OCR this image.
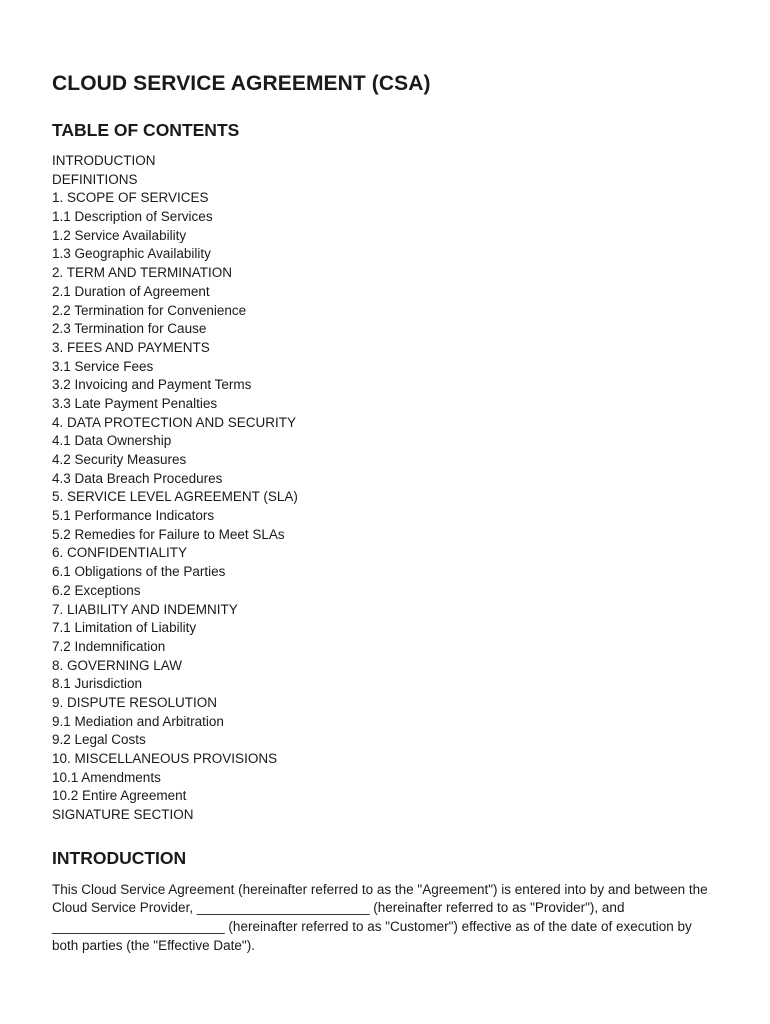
CLOUD SERVICE AGREEMENT (CSA)
TABLE OF CONTENTS
INTRODUCTION
DEFINITIONS
1. SCOPE OF SERVICES
1.1 Description of Services
1.2 Service Availability
1.3 Geographic Availability
2. TERM AND TERMINATION
2.1 Duration of Agreement
2.2 Termination for Convenience
2.3 Termination for Cause
3. FEES AND PAYMENTS
3.1 Service Fees
3.2 Invoicing and Payment Terms
3.3 Late Payment Penalties
4. DATA PROTECTION AND SECURITY
4.1 Data Ownership
4.2 Security Measures
4.3 Data Breach Procedures
5. SERVICE LEVEL AGREEMENT (SLA)
5.1 Performance Indicators
5.2 Remedies for Failure to Meet SLAs
6. CONFIDENTIALITY
6.1 Obligations of the Parties
6.2 Exceptions
7. LIABILITY AND INDEMNITY
7.1 Limitation of Liability
7.2 Indemnification
8. GOVERNING LAW
8.1 Jurisdiction
9. DISPUTE RESOLUTION
9.1 Mediation and Arbitration
9.2 Legal Costs
10. MISCELLANEOUS PROVISIONS
10.1 Amendments
10.2 Entire Agreement
SIGNATURE SECTION
INTRODUCTION

This Cloud Service Agreement (hereinafter referred to as the "Agreement") is entered into by and between the Cloud Service Provider, _______________________ (hereinafter referred to as "Provider"), and _______________________ (hereinafter referred to as "Customer") effective as of the date of execution by both parties (the "Effective Date").
